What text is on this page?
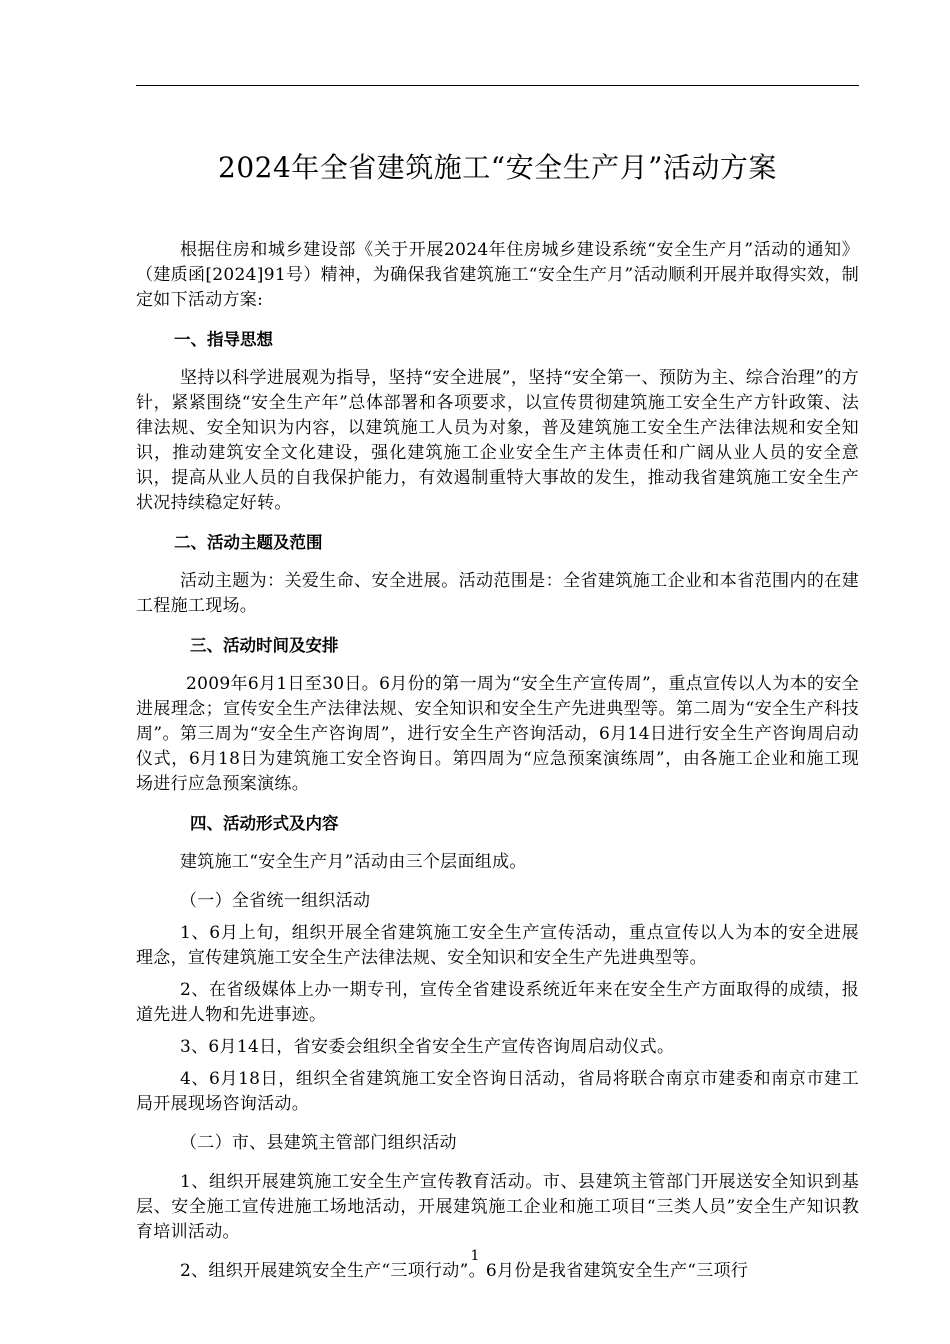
2024年全省建筑施工“安全生产月”活动方案

根据住房和城乡建设部《关于开展2024年住房城乡建设系统“安全生产月”活动的通知》（建质函[2024]91号）精神，为确保我省建筑施工“安全生产月”活动顺利开展并取得实效，制定如下活动方案:

一、指导思想

坚持以科学进展观为指导，坚持“安全进展”，坚持“安全第一、预防为主、综合治理”的方针，紧紧围绕“安全生产年”总体部署和各项要求，以宣传贯彻建筑施工安全生产方针政策、法律法规、安全知识为内容，以建筑施工人员为对象，普及建筑施工安全生产法律法规和安全知识，推动建筑安全文化建设，强化建筑施工企业安全生产主体责任和广阔从业人员的安全意识，提高从业人员的自我保护能力，有效遏制重特大事故的发生，推动我省建筑施工安全生产状况持续稳定好转。

二、活动主题及范围

活动主题为：关爱生命、安全进展。活动范围是：全省建筑施工企业和本省范围内的在建工程施工现场。

三、活动时间及安排

2009年6月1日至30日。6月份的第一周为“安全生产宣传周”，重点宣传以人为本的安全进展理念；宣传安全生产法律法规、安全知识和安全生产先进典型等。第二周为“安全生产科技周”。第三周为“安全生产咨询周”，进行安全生产咨询活动，6月14日进行安全生产咨询周启动仪式，6月18日为建筑施工安全咨询日。第四周为“应急预案演练周”，由各施工企业和施工现场进行应急预案演练。

四、活动形式及内容

建筑施工“安全生产月”活动由三个层面组成。

（一）全省统一组织活动

1、6月上旬，组织开展全省建筑施工安全生产宣传活动，重点宣传以人为本的安全进展理念，宣传建筑施工安全生产法律法规、安全知识和安全生产先进典型等。

2、在省级媒体上办一期专刊，宣传全省建设系统近年来在安全生产方面取得的成绩，报道先进人物和先进事迹。

3、6月14日，省安委会组织全省安全生产宣传咨询周启动仪式。

4、6月18日，组织全省建筑施工安全咨询日活动，省局将联合南京市建委和南京市建工局开展现场咨询活动。

（二）市、县建筑主管部门组织活动

1、组织开展建筑施工安全生产宣传教育活动。市、县建筑主管部门开展送安全知识到基层、安全施工宣传进施工场地活动，开展建筑施工企业和施工项目“三类人员”安全生产知识教育培训活动。

2、组织开展建筑安全生产“三项行动”。6月份是我省建筑安全生产“三项行

1
